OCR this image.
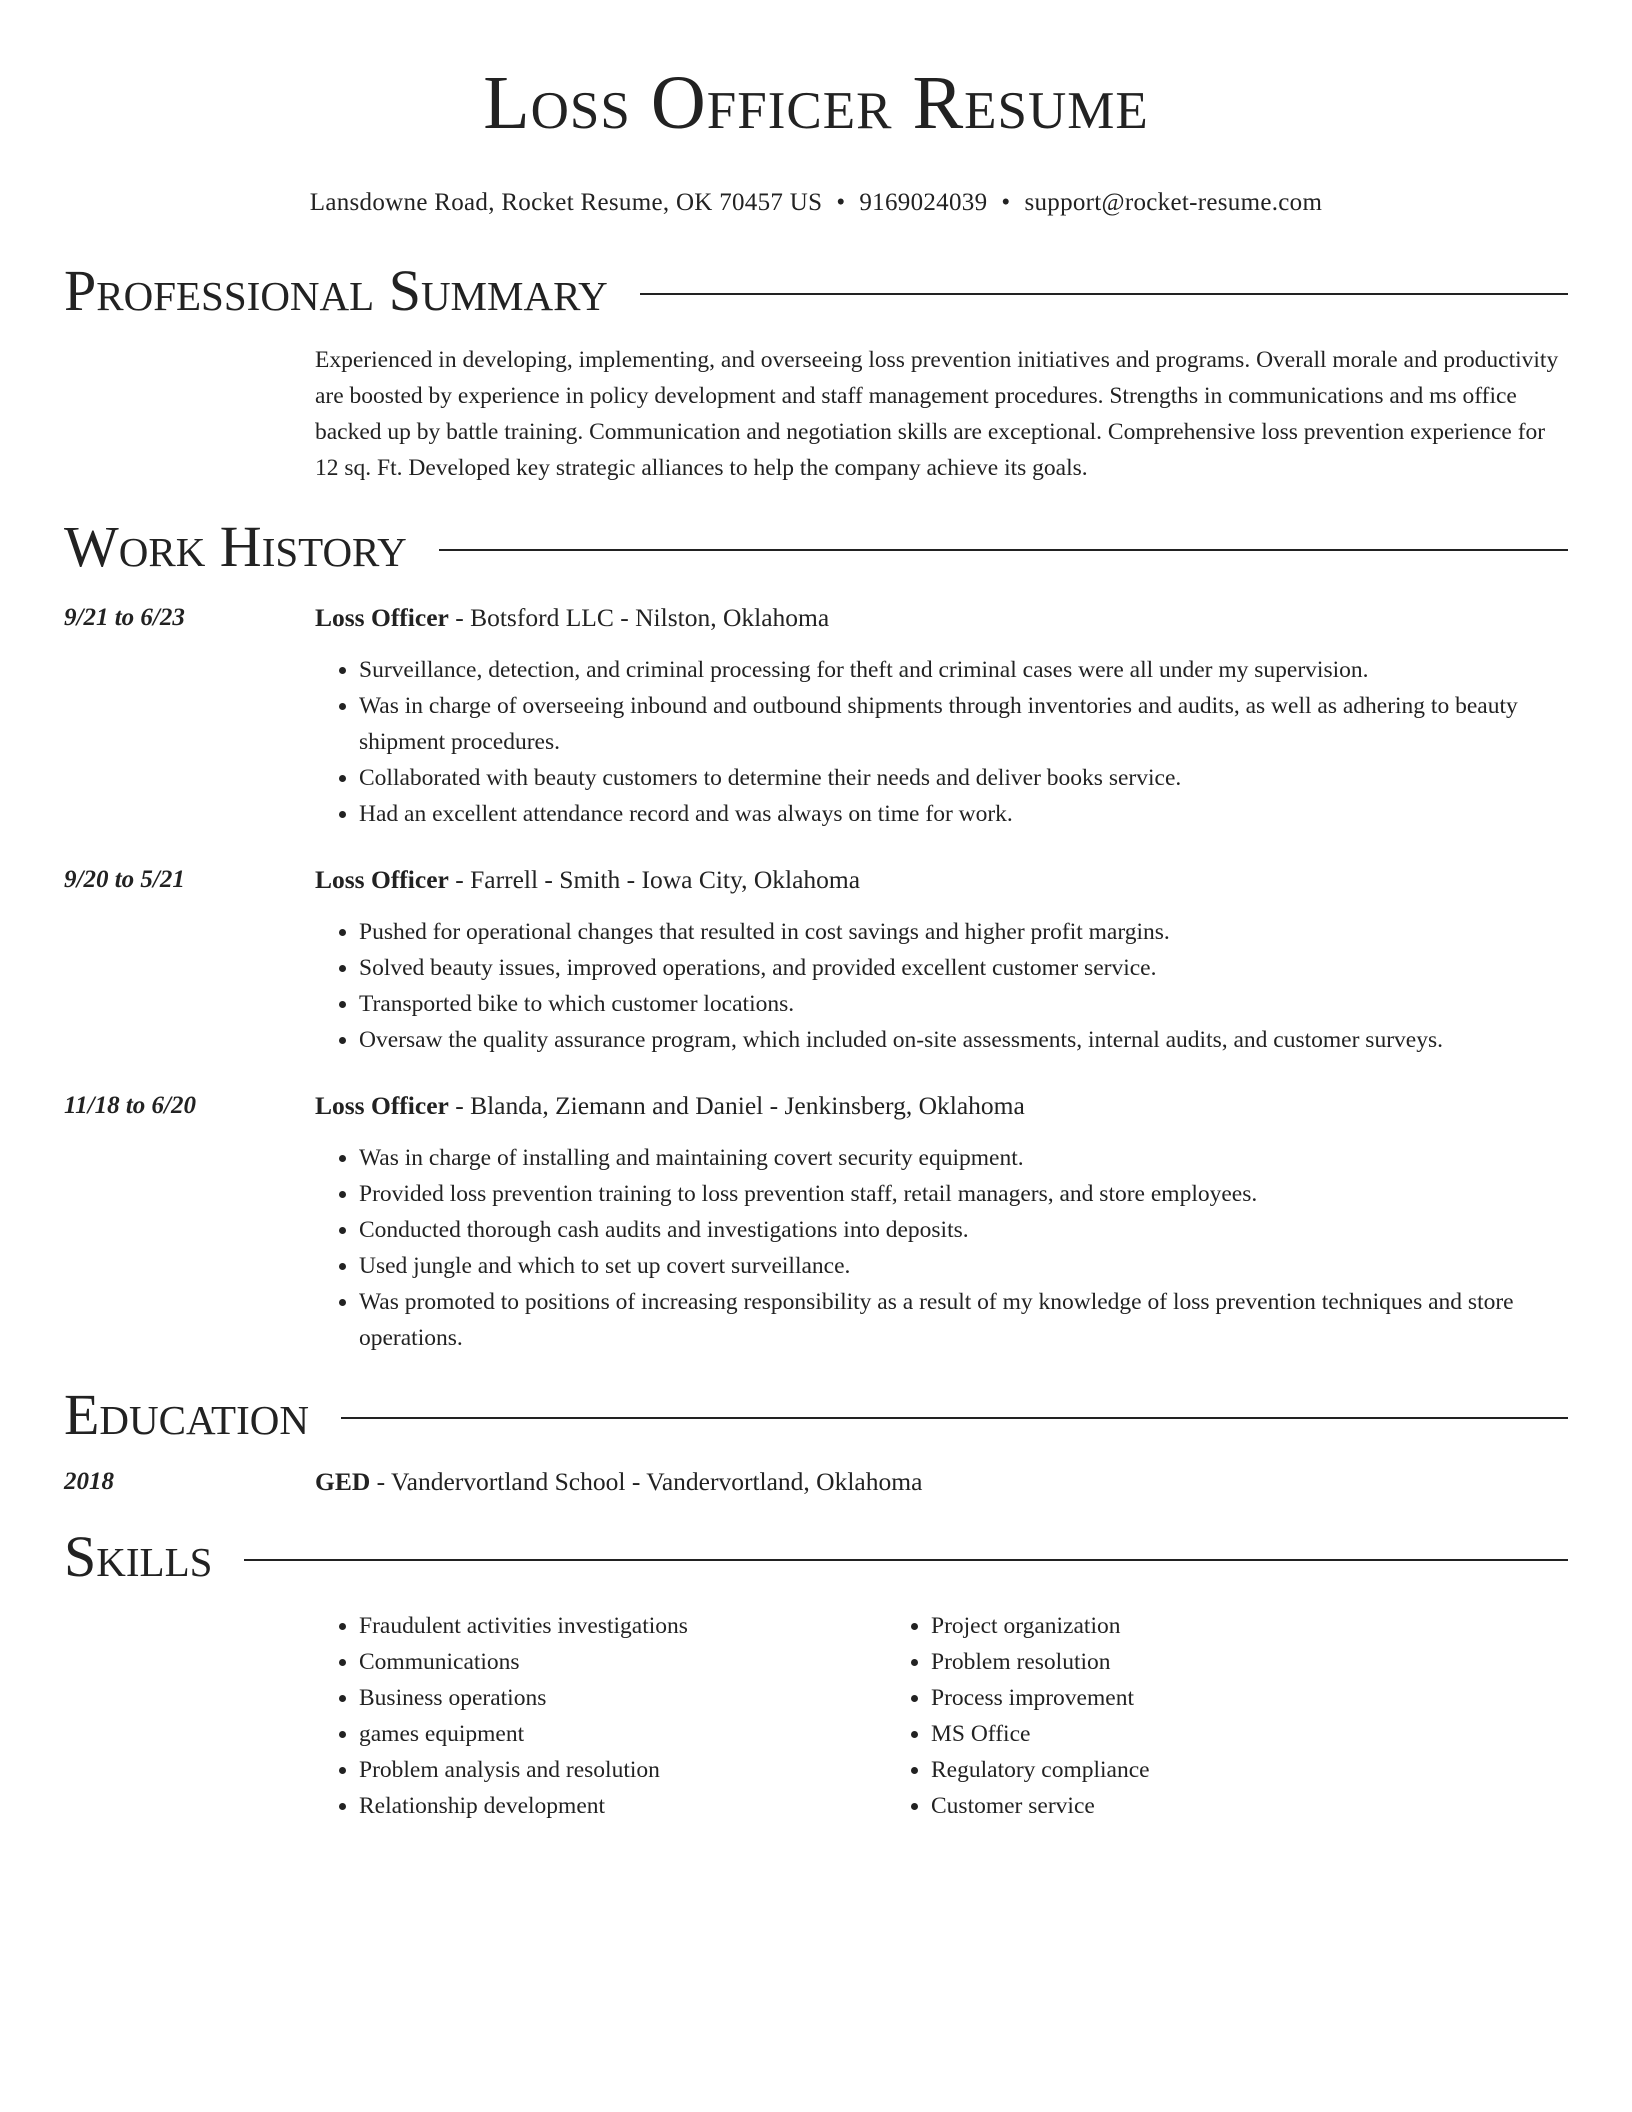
Loss Officer Resume
Lansdowne Road, Rocket Resume, OK 70457 US • 9169024039 • support@rocket-resume.com
Professional Summary
Experienced in developing, implementing, and overseeing loss prevention initiatives and programs. Overall morale and productivity are boosted by experience in policy development and staff management procedures. Strengths in communications and ms office backed up by battle training. Communication and negotiation skills are exceptional. Comprehensive loss prevention experience for 12 sq. Ft. Developed key strategic alliances to help the company achieve its goals.
Work History
9/21 to 6/23	Loss Officer - Botsford LLC - Nilston, Oklahoma
• Surveillance, detection, and criminal processing for theft and criminal cases were all under my supervision.
• Was in charge of overseeing inbound and outbound shipments through inventories and audits, as well as adhering to beauty shipment procedures.
• Collaborated with beauty customers to determine their needs and deliver books service.
• Had an excellent attendance record and was always on time for work.
9/20 to 5/21	Loss Officer - Farrell - Smith - Iowa City, Oklahoma
• Pushed for operational changes that resulted in cost savings and higher profit margins.
• Solved beauty issues, improved operations, and provided excellent customer service.
• Transported bike to which customer locations.
• Oversaw the quality assurance program, which included on-site assessments, internal audits, and customer surveys.
11/18 to 6/20	Loss Officer - Blanda, Ziemann and Daniel - Jenkinsberg, Oklahoma
• Was in charge of installing and maintaining covert security equipment.
• Provided loss prevention training to loss prevention staff, retail managers, and store employees.
• Conducted thorough cash audits and investigations into deposits.
• Used jungle and which to set up covert surveillance.
• Was promoted to positions of increasing responsibility as a result of my knowledge of loss prevention techniques and store operations.
Education
2018	GED - Vandervortland School - Vandervortland, Oklahoma
Skills
• Fraudulent activities investigations
• Communications
• Business operations
• games equipment
• Problem analysis and resolution
• Relationship development
• Project organization
• Problem resolution
• Process improvement
• MS Office
• Regulatory compliance
• Customer service
